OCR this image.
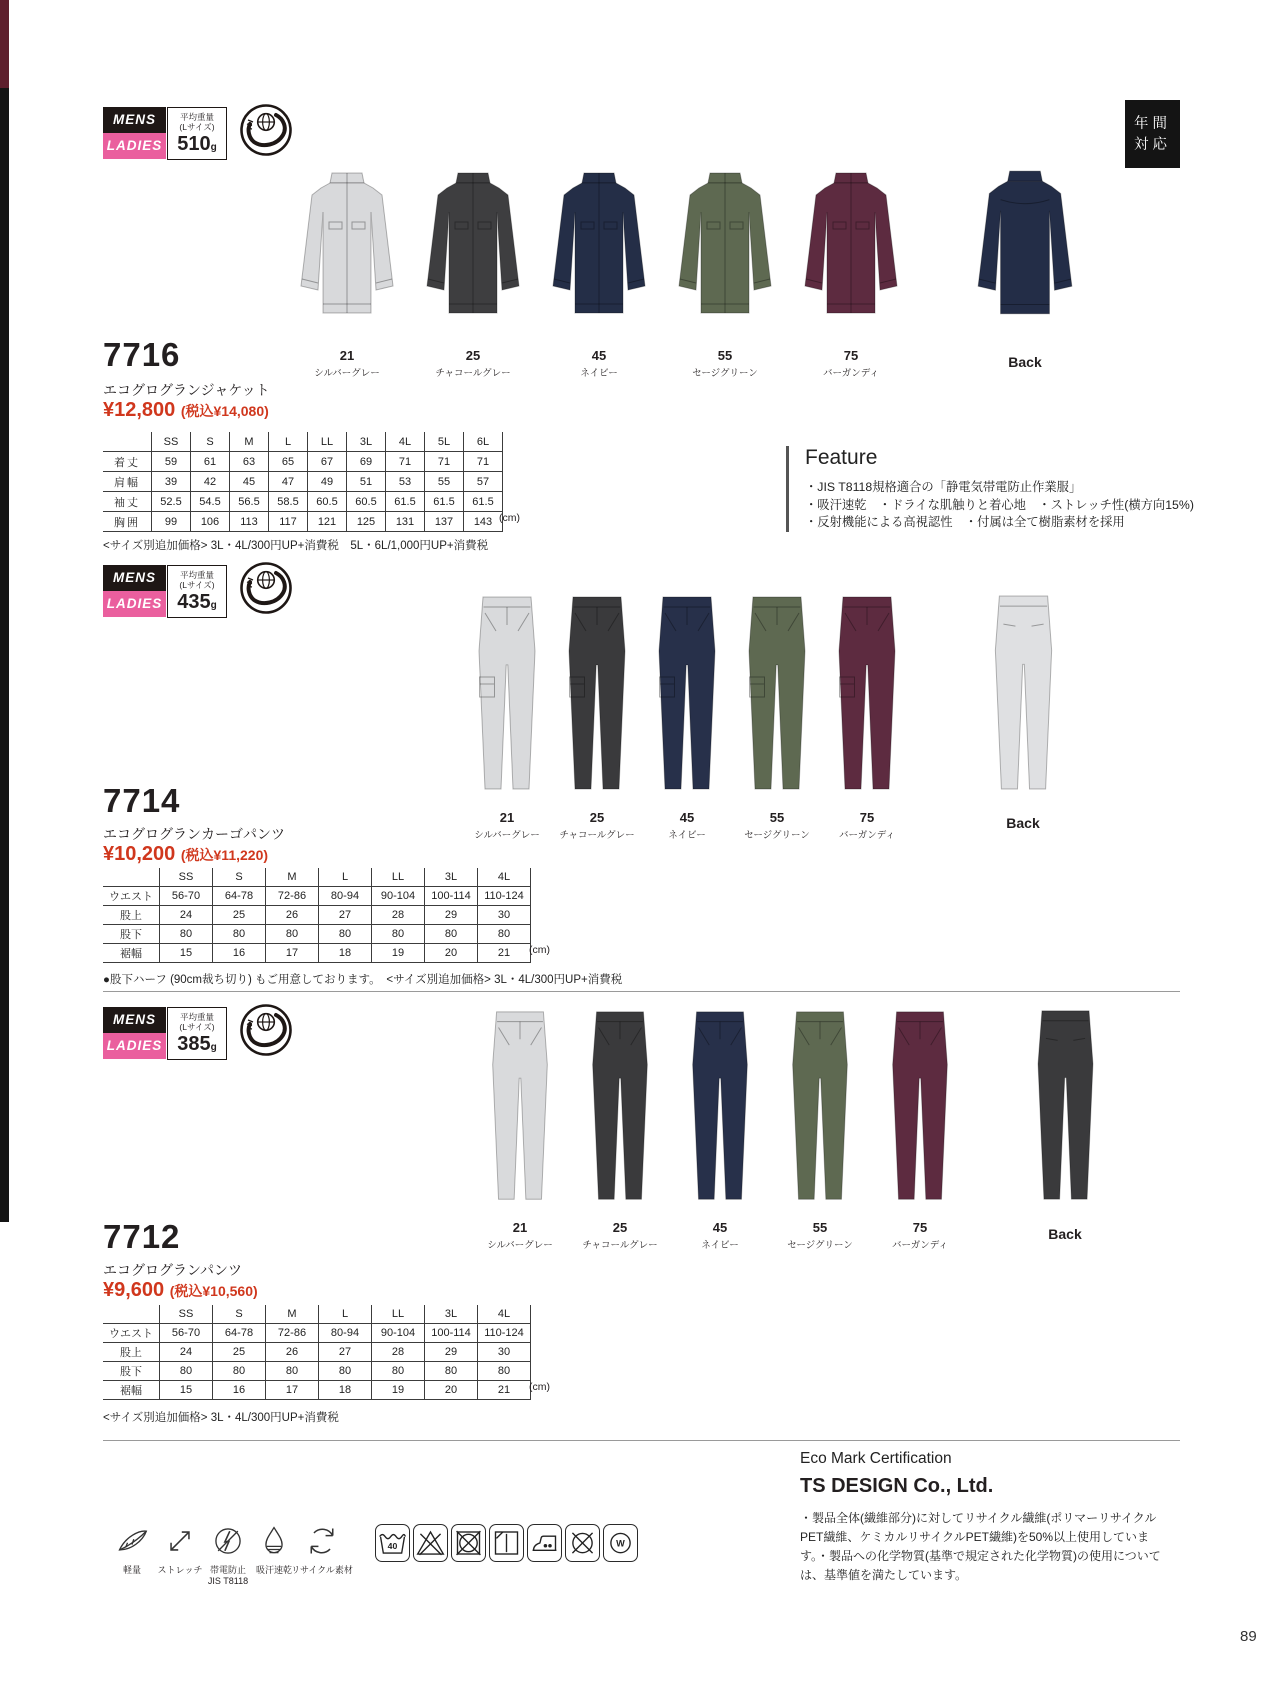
年間
対応
MENS
LADIES
平均重量
(Lサイズ)
510g
21
シルバーグレー
25
チャコールグレー
45
ネイビー
55
セージグリーン
75
バーガンディ
Back
7716
エコグログランジャケット
¥12,800 (税込¥14,080)
	SS	S	M	L	LL	3L	4L	5L	6L
着丈	59	61	63	65	67	69	71	71	71
肩幅	39	42	45	47	49	51	53	55	57
袖丈	52.5	54.5	56.5	58.5	60.5	60.5	61.5	61.5	61.5
胸囲	99	106	113	117	121	125	131	137	143 (cm)
<サイズ別追加価格> 3L・4L/300円UP+消費税　5L・6L/1,000円UP+消費税
Feature
・JIS T8118規格適合の「静電気帯電防止作業服」
・吸汗速乾　・ドライな肌触りと着心地　・ストレッチ性(横方向15%)
・反射機能による高視認性　・付属は全て樹脂素材を採用
MENS
LADIES
平均重量
(Lサイズ)
435g
21
シルバーグレー
25
チャコールグレー
45
ネイビー
55
セージグリーン
75
バーガンディ
Back
7714
エコグログランカーゴパンツ
¥10,200 (税込¥11,220)
	SS	S	M	L	LL	3L	4L
ウエスト	56-70	64-78	72-86	80-94	90-104	100-114	110-124
股上	24	25	26	27	28	29	30
股下	80	80	80	80	80	80	80
裾幅	15	16	17	18	19	20	21 (cm)
●股下ハーフ (90cm裁ち切り) もご用意しております。　<サイズ別追加価格> 3L・4L/300円UP+消費税
MENS
LADIES
平均重量
(Lサイズ)
385g
21
シルバーグレー
25
チャコールグレー
45
ネイビー
55
セージグリーン
75
バーガンディ
Back
7712
エコグログランパンツ
¥9,600 (税込¥10,560)
	SS	S	M	L	LL	3L	4L
ウエスト	56-70	64-78	72-86	80-94	90-104	100-114	110-124
股上	24	25	26	27	28	29	30
股下	80	80	80	80	80	80	80
裾幅	15	16	17	18	19	20	21 (cm)
<サイズ別追加価格> 3L・4L/300円UP+消費税
軽量	ストレッチ 帯電防止
JIS T8118
吸汗速乾 リサイクル素材
40	W
Eco Mark Certification
TS DESIGN Co., Ltd.
・製品全体(繊維部分)に対してリサイクル繊維(ポリマーリサイクルPET繊維、ケミカルリサイクルPET繊維)を50%以上使用しています。・製品への化学物質(基準で規定された化学物質)の使用については、基準値を満たしています。
89
